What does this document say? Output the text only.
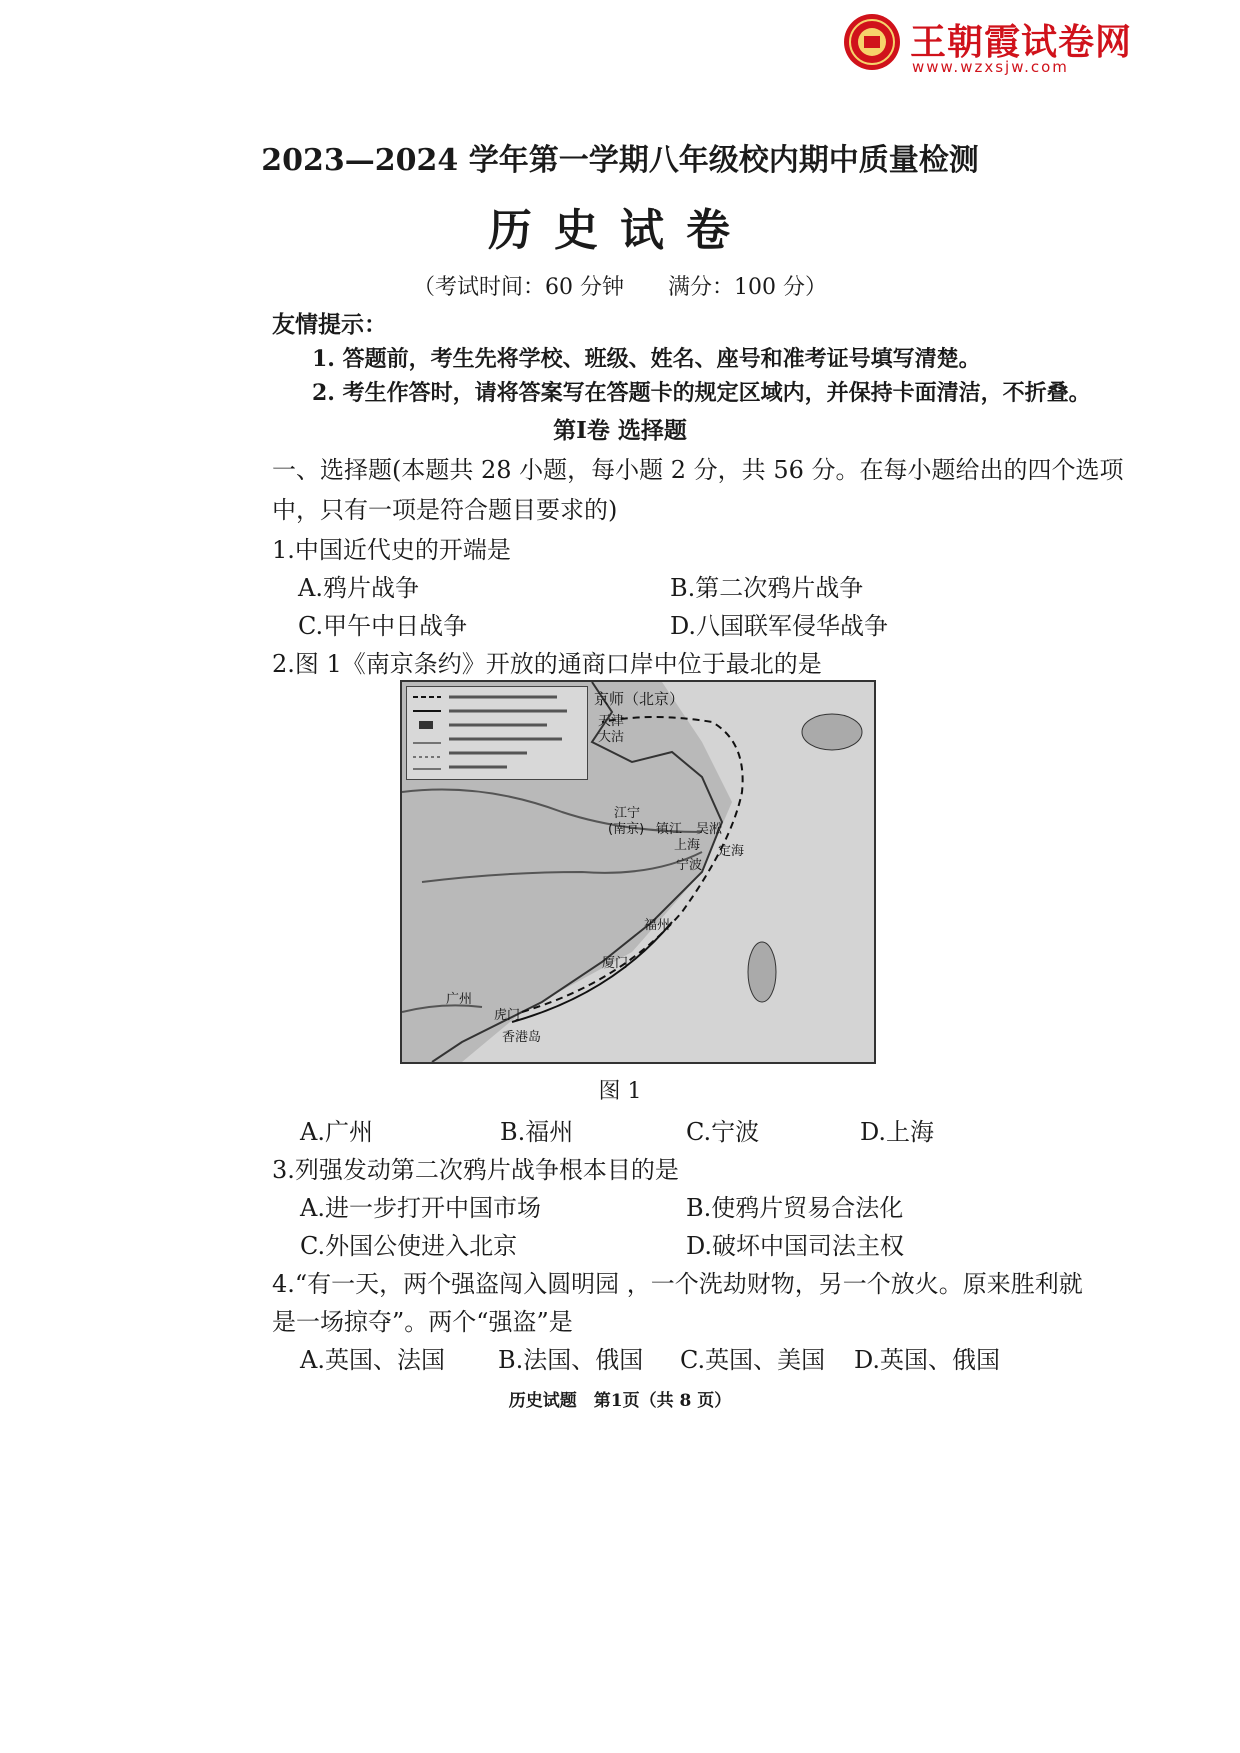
王朝霞试卷网
www.wzxsjw.com
2023—2024 学年第一学期八年级校内期中质量检测
历史试卷
（考试时间：60 分钟　　满分：100 分）
友情提示：
1. 答题前，考生先将学校、班级、姓名、座号和准考证号填写清楚。
2. 考生作答时，请将答案写在答题卡的规定区域内，并保持卡面清洁，不折叠。
第Ⅰ卷 选择题
一、选择题(本题共 28 小题，每小题 2 分，共 56 分。在每小题给出的四个选项
中，只有一项是符合题目要求的)
1.中国近代史的开端是
A.鸦片战争	B.第二次鸦片战争
C.甲午中日战争	D.八国联军侵华战争
2.图 1《南京条约》开放的通商口岸中位于最北的是
京师（北京）
天津
大沽
江宁
(南京) 镇江 吴淞
上海 定海
宁波
福州
厦门
广州
虎门
香港岛
图 1
A.广州	B.福州	C.宁波	D.上海
3.列强发动第二次鸦片战争根本目的是
A.进一步打开中国市场	B.使鸦片贸易合法化
C.外国公使进入北京	D.破坏中国司法主权
4.“有一天，两个强盗闯入圆明园 ，一个洗劫财物，另一个放火。原来胜利就
是一场掠夺”。两个“强盗”是
A.英国、法国 B.法国、俄国 C.英国、美国 D.英国、俄国
历史试题　第1页（共 8 页）
